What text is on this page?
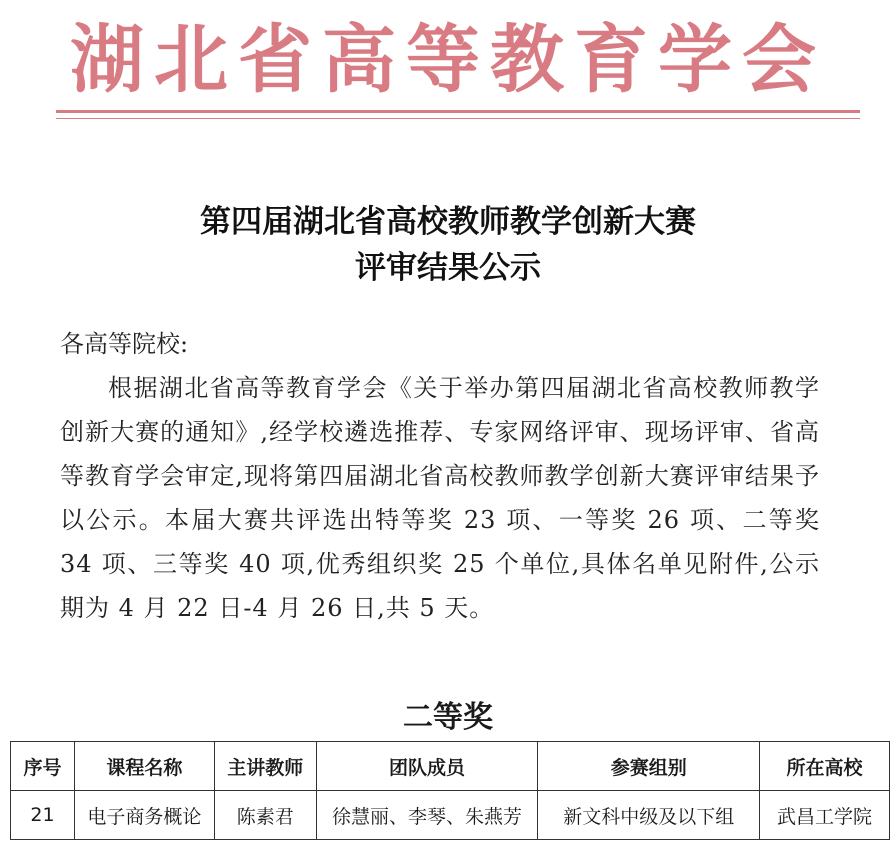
湖北省高等教育学会
第四届湖北省高校教师教学创新大赛
评审结果公示
各高等院校:
根据湖北省高等教育学会《关于举办第四届湖北省高校教师教学创新大赛的通知》,经学校遴选推荐、专家网络评审、现场评审、省高等教育学会审定,现将第四届湖北省高校教师教学创新大赛评审结果予以公示。本届大赛共评选出特等奖 23 项、一等奖 26 项、二等奖 34 项、三等奖 40 项,优秀组织奖 25 个单位,具体名单见附件,公示期为 4 月 22 日-4 月 26 日,共 5 天。
二等奖
序号	课程名称	主讲教师	团队成员	参赛组别	所在高校
21	电子商务概论	陈素君	徐慧丽、李琴、朱燕芳	新文科中级及以下组	武昌工学院
